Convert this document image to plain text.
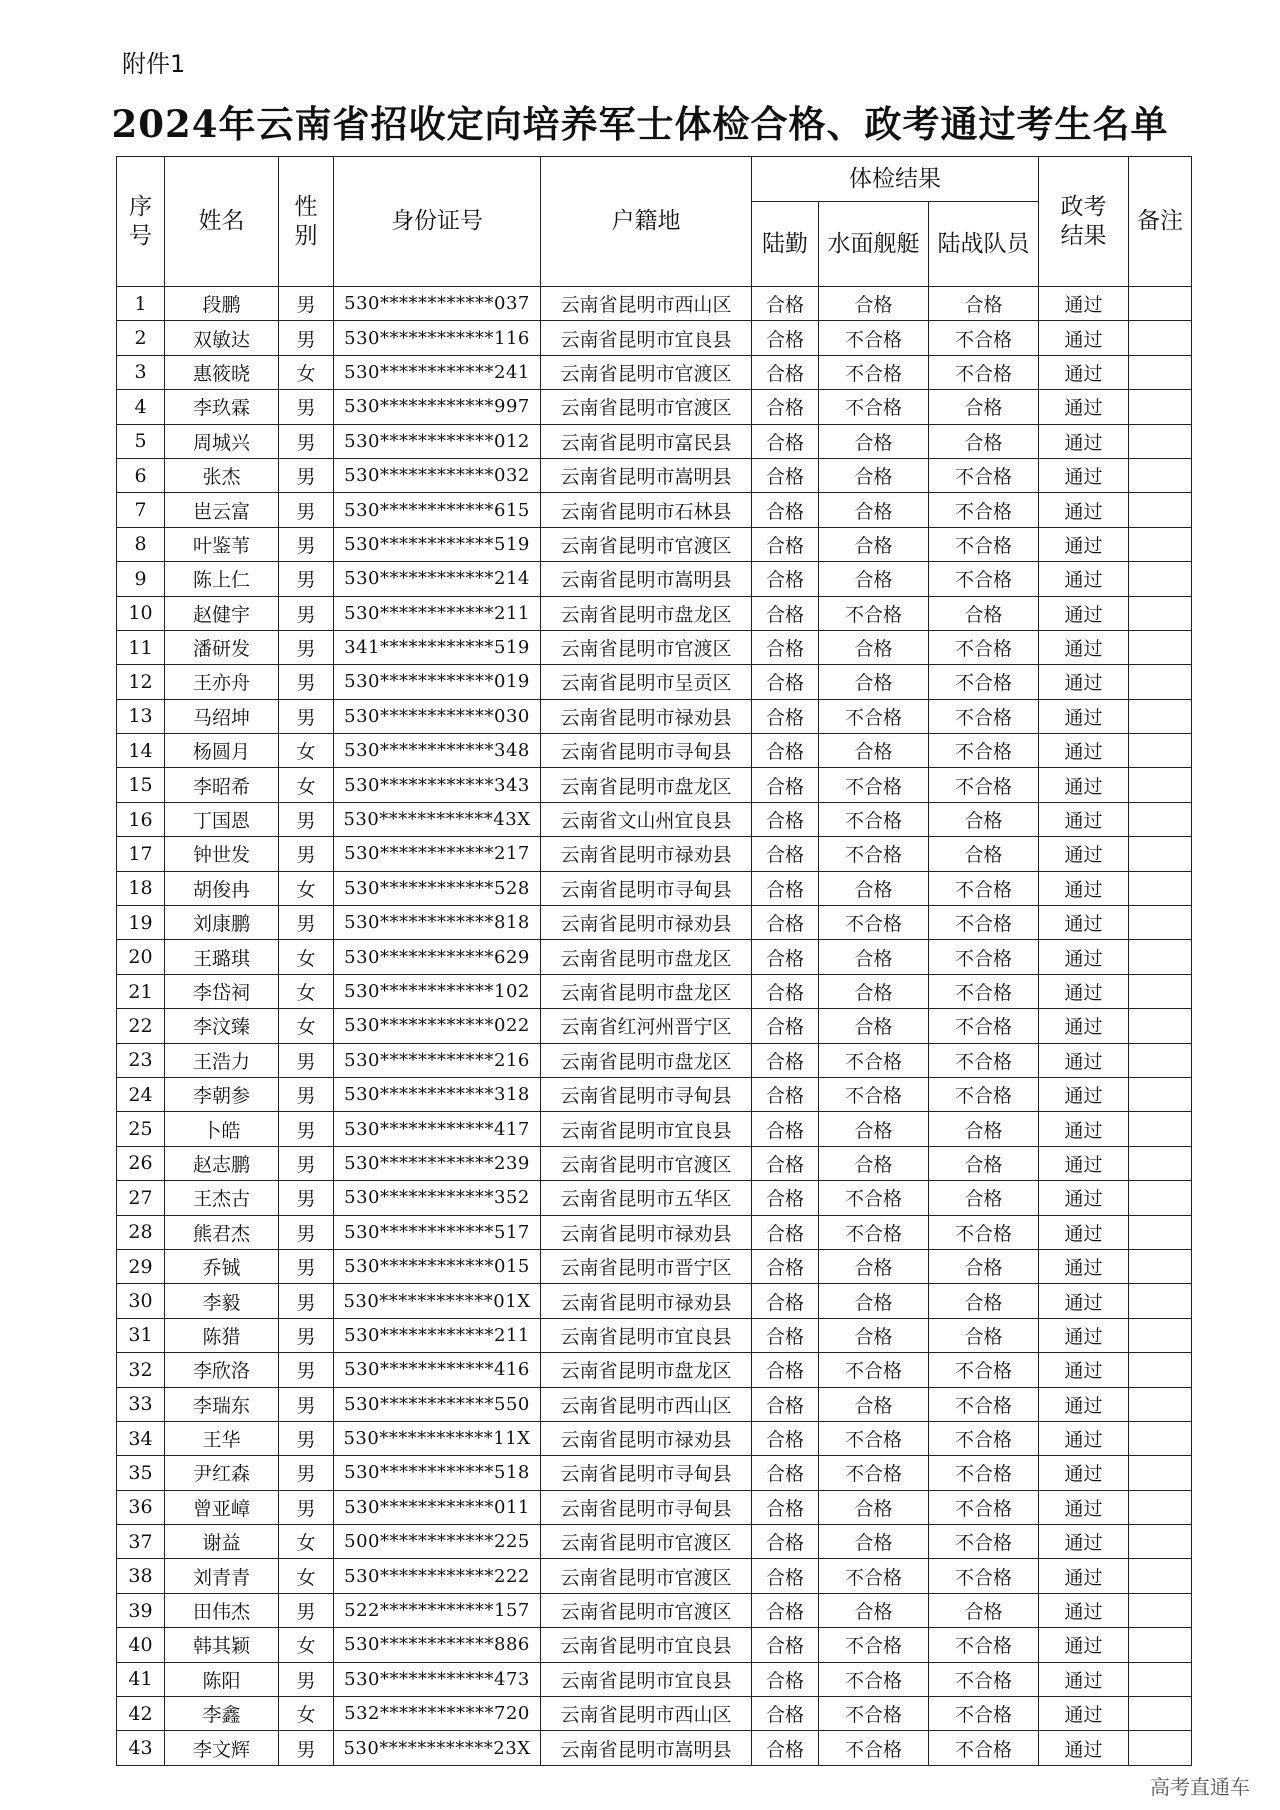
附件1
2024年云南省招收定向培养军士体检合格、政考通过考生名单
序号	姓名	性别	身份证号	户籍地	体检结果			政考结果	备注
					陆勤	水面舰艇	陆战队员		
1	段鹏	男	530************037	云南省昆明市西山区	合格	合格	合格	通过	
2	双敏达	男	530************116	云南省昆明市宜良县	合格	不合格	不合格	通过	
3	惠筱晓	女	530************241	云南省昆明市官渡区	合格	不合格	不合格	通过	
4	李玖霖	男	530************997	云南省昆明市官渡区	合格	不合格	合格	通过	
5	周城兴	男	530************012	云南省昆明市富民县	合格	合格	合格	通过	
6	张杰	男	530************032	云南省昆明市嵩明县	合格	合格	不合格	通过	
7	岜云富	男	530************615	云南省昆明市石林县	合格	合格	不合格	通过	
8	叶鉴苇	男	530************519	云南省昆明市官渡区	合格	合格	不合格	通过	
9	陈上仁	男	530************214	云南省昆明市嵩明县	合格	合格	不合格	通过	
10	赵健宇	男	530************211	云南省昆明市盘龙区	合格	不合格	合格	通过	
11	潘研发	男	341************519	云南省昆明市官渡区	合格	合格	不合格	通过	
12	王亦舟	男	530************019	云南省昆明市呈贡区	合格	合格	不合格	通过	
13	马绍坤	男	530************030	云南省昆明市禄劝县	合格	不合格	不合格	通过	
14	杨圆月	女	530************348	云南省昆明市寻甸县	合格	合格	不合格	通过	
15	李昭希	女	530************343	云南省昆明市盘龙区	合格	不合格	不合格	通过	
16	丁国恩	男	530************43X	云南省文山州宜良县	合格	不合格	合格	通过	
17	钟世发	男	530************217	云南省昆明市禄劝县	合格	不合格	合格	通过	
18	胡俊冉	女	530************528	云南省昆明市寻甸县	合格	合格	不合格	通过	
19	刘康鹏	男	530************818	云南省昆明市禄劝县	合格	不合格	不合格	通过	
20	王璐琪	女	530************629	云南省昆明市盘龙区	合格	合格	不合格	通过	
21	李岱祠	女	530************102	云南省昆明市盘龙区	合格	合格	不合格	通过	
22	李汶臻	女	530************022	云南省红河州晋宁区	合格	合格	不合格	通过	
23	王浩力	男	530************216	云南省昆明市盘龙区	合格	不合格	不合格	通过	
24	李朝参	男	530************318	云南省昆明市寻甸县	合格	不合格	不合格	通过	
25	卜皓	男	530************417	云南省昆明市宜良县	合格	合格	合格	通过	
26	赵志鹏	男	530************239	云南省昆明市官渡区	合格	合格	合格	通过	
27	王杰古	男	530************352	云南省昆明市五华区	合格	不合格	合格	通过	
28	熊君杰	男	530************517	云南省昆明市禄劝县	合格	不合格	不合格	通过	
29	乔铖	男	530************015	云南省昆明市晋宁区	合格	合格	合格	通过	
30	李毅	男	530************01X	云南省昆明市禄劝县	合格	合格	合格	通过	
31	陈猎	男	530************211	云南省昆明市宜良县	合格	合格	合格	通过	
32	李欣洛	男	530************416	云南省昆明市盘龙区	合格	不合格	不合格	通过	
33	李瑞东	男	530************550	云南省昆明市西山区	合格	合格	不合格	通过	
34	王华	男	530************11X	云南省昆明市禄劝县	合格	不合格	不合格	通过	
35	尹红森	男	530************518	云南省昆明市寻甸县	合格	不合格	不合格	通过	
36	曾亚嶂	男	530************011	云南省昆明市寻甸县	合格	合格	不合格	通过	
37	谢益	女	500************225	云南省昆明市官渡区	合格	合格	不合格	通过	
38	刘青青	女	530************222	云南省昆明市官渡区	合格	不合格	不合格	通过	
39	田伟杰	男	522************157	云南省昆明市官渡区	合格	合格	合格	通过	
40	韩其颖	女	530************886	云南省昆明市宜良县	合格	不合格	不合格	通过	
41	陈阳	男	530************473	云南省昆明市宜良县	合格	不合格	不合格	通过	
42	李鑫	女	532************720	云南省昆明市西山区	合格	不合格	不合格	通过	
43	李文辉	男	530************23X	云南省昆明市嵩明县	合格	不合格	不合格	通过	
高考直通车
